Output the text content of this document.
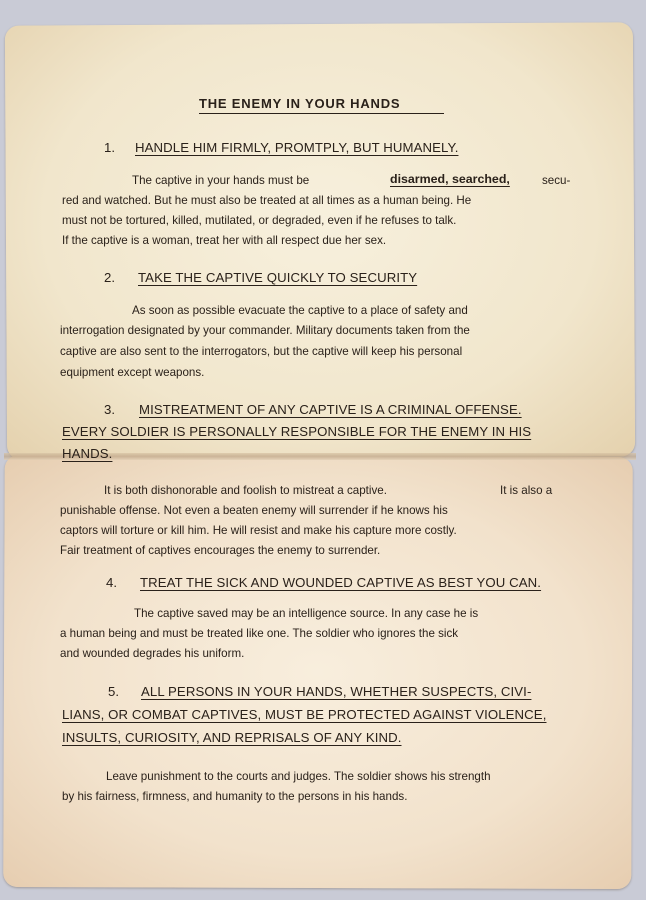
THE ENEMY IN YOUR HANDS
1. HANDLE HIM FIRMLY, PROMTPLY, BUT HUMANELY.
The captive in your hands must be	disarmed, searched,	secu-
red and watched. But he must also be treated at all times as a human being. He
must not be tortured, killed, mutilated, or degraded, even if he refuses to talk.
If the captive is a woman, treat her with all respect due her sex.
2. TAKE THE CAPTIVE QUICKLY TO SECURITY
As soon as possible evacuate the captive to a place of safety and
interrogation designated by your commander. Military documents taken from the
captive are also sent to the interrogators, but the captive will keep his personal
equipment except weapons.
3. MISTREATMENT OF ANY CAPTIVE IS A CRIMINAL OFFENSE.
EVERY SOLDIER IS PERSONALLY RESPONSIBLE FOR THE ENEMY IN HIS
HANDS.
It is both dishonorable and foolish to mistreat a captive.	It is also a
punishable offense. Not even a beaten enemy will surrender if he knows his
captors will torture or kill him. He will resist and make his capture more costly.
Fair treatment of captives encourages the enemy to surrender.
4. TREAT THE SICK AND WOUNDED CAPTIVE AS BEST YOU CAN.
The captive saved may be an intelligence source. In any case he is
a human being and must be treated like one. The soldier who ignores the sick
and wounded degrades his uniform.
5. ALL PERSONS IN YOUR HANDS, WHETHER SUSPECTS, CIVI-
LIANS, OR COMBAT CAPTIVES, MUST BE PROTECTED AGAINST VIOLENCE,
INSULTS, CURIOSITY, AND REPRISALS OF ANY KIND.
Leave punishment to the courts and judges. The soldier shows his strength
by his fairness, firmness, and humanity to the persons in his hands.
